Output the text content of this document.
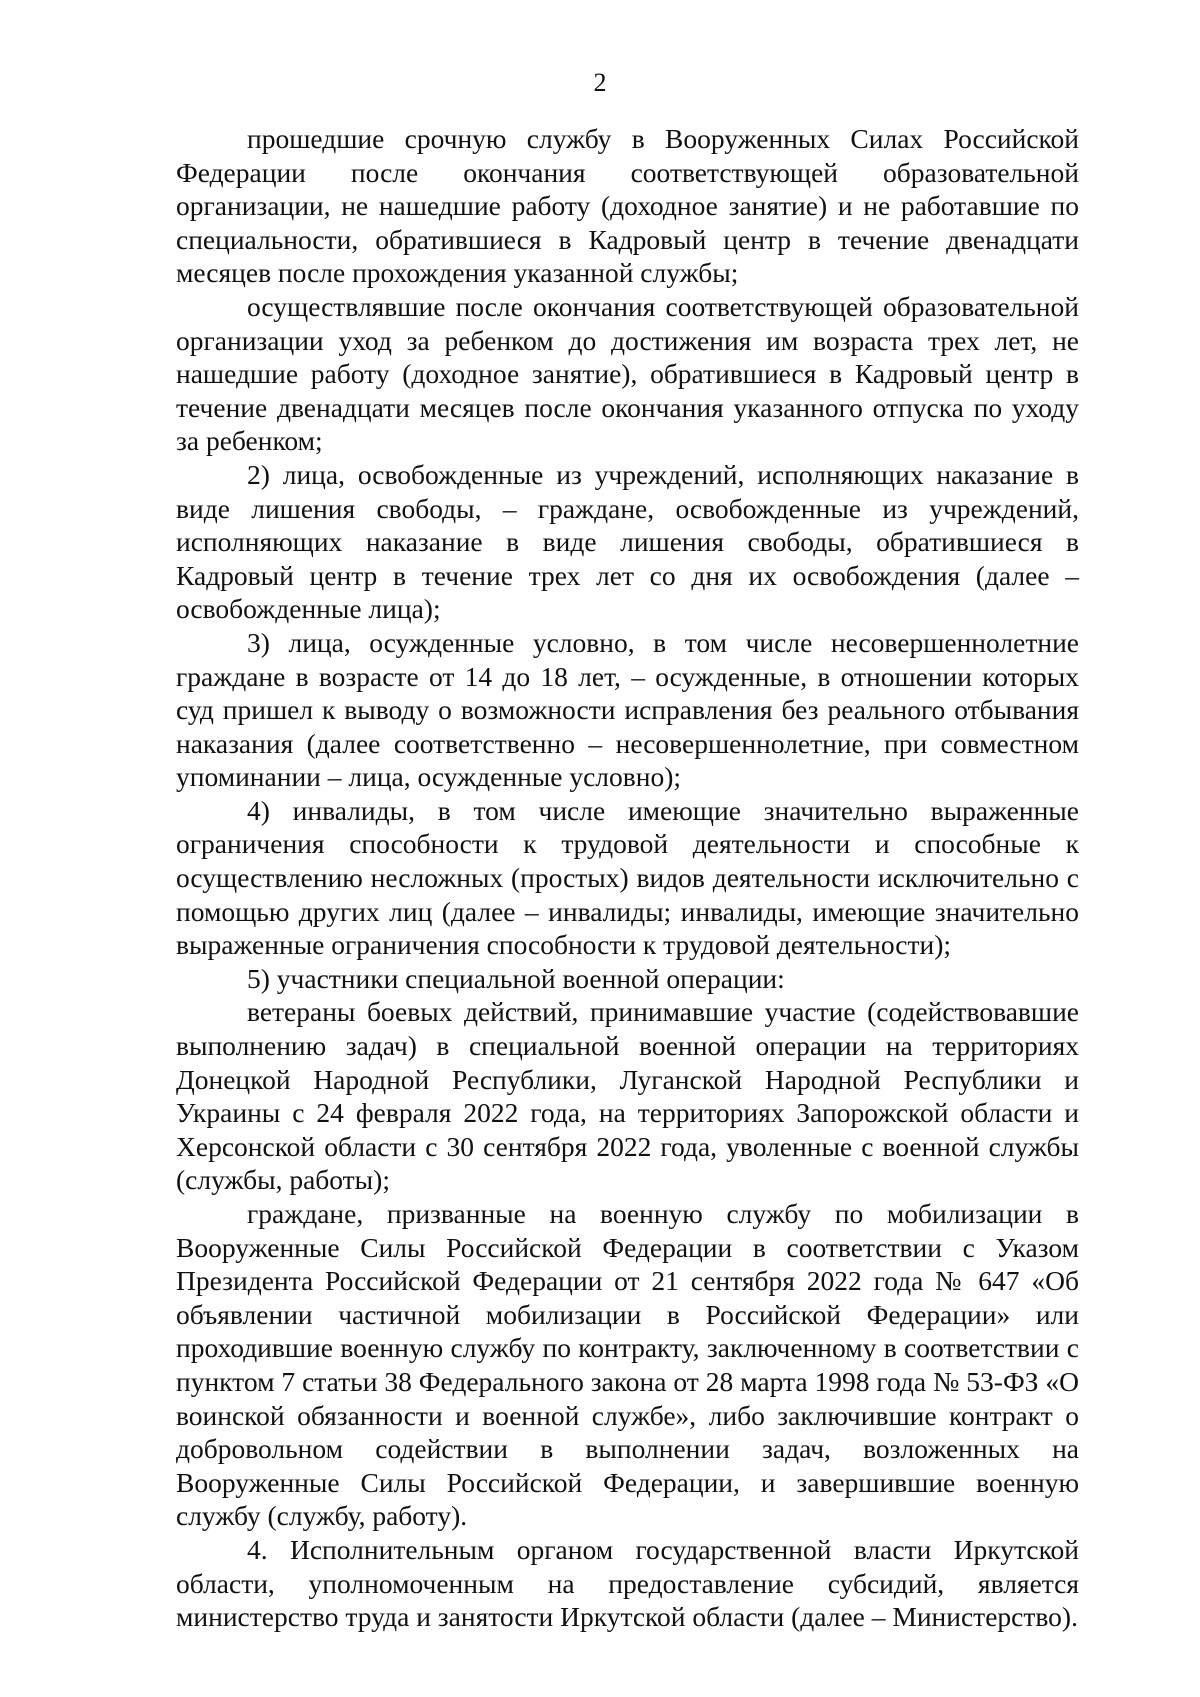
2

прошедшие срочную службу в Вооруженных Силах Российской Федерации после окончания соответствующей образовательной организации, не нашедшие работу (доходное занятие) и не работавшие по специальности, обратившиеся в Кадровый центр в течение двенадцати месяцев после прохождения указанной службы;

осуществлявшие после окончания соответствующей образовательной организации уход за ребенком до достижения им возраста трех лет, не нашедшие работу (доходное занятие), обратившиеся в Кадровый центр в течение двенадцати месяцев после окончания указанного отпуска по уходу за ребенком;

2) лица, освобожденные из учреждений, исполняющих наказание в виде лишения свободы, – граждане, освобожденные из учреждений, исполняющих наказание в виде лишения свободы, обратившиеся в Кадровый центр в течение трех лет со дня их освобождения (далее – освобожденные лица);

3) лица, осужденные условно, в том числе несовершеннолетние граждане в возрасте от 14 до 18 лет, – осужденные, в отношении которых суд пришел к выводу о возможности исправления без реального отбывания наказания (далее соответственно – несовершеннолетние, при совместном упоминании – лица, осужденные условно);

4) инвалиды, в том числе имеющие значительно выраженные ограничения способности к трудовой деятельности и способные к осуществлению несложных (простых) видов деятельности исключительно с помощью других лиц (далее – инвалиды; инвалиды, имеющие значительно выраженные ограничения способности к трудовой деятельности);

5) участники специальной военной операции:

ветераны боевых действий, принимавшие участие (содействовавшие выполнению задач) в специальной военной операции на территориях Донецкой Народной Республики, Луганской Народной Республики и Украины с 24 февраля 2022 года, на территориях Запорожской области и Херсонской области с 30 сентября 2022 года, уволенные с военной службы (службы, работы);

граждане, призванные на военную службу по мобилизации в Вооруженные Силы Российской Федерации в соответствии с Указом Президента Российской Федерации от 21 сентября 2022 года № 647 «Об объявлении частичной мобилизации в Российской Федерации» или проходившие военную службу по контракту, заключенному в соответствии с пунктом 7 статьи 38 Федерального закона от 28 марта 1998 года № 53-ФЗ «О воинской обязанности и военной службе», либо заключившие контракт о добровольном содействии в выполнении задач, возложенных на Вооруженные Силы Российской Федерации, и завершившие военную службу (службу, работу).

4. Исполнительным органом государственной власти Иркутской области, уполномоченным на предоставление субсидий, является министерство труда и занятости Иркутской области (далее – Министерство).
